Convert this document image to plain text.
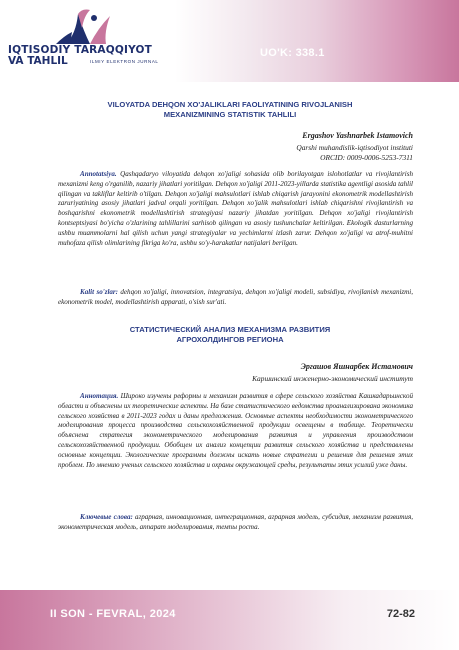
IQTISODIY TARAQQIYOT
VA TAHLIL	ILMIY ELEKTRON JURNAL
UO'K: 338.1
VILOYATDA DEHQON XO'JALIKLARI FAOLIYATINING RIVOJLANISH
MEXANIZMINING STATISTIK TAHLILI
Ergashov Yashnarbek Istamovich
Qarshi muhandislik-iqtisodiyot instituti
ORCID: 0009-0006-5253-7311

Annotatsiya. Qashqadaryo viloyatida dehqon xo'jaligi sohasida olib borilayotgan islohotlatlar va rivojlantirish mexanizmi keng o'rganilib, nazariy jihatlari yoritilgan. Dehqon xo'jaligi 2011-2023-yillarda statistika agentligi asosida tahlil qilingan va takliflar keltirib o'tilgan. Dehqon xo'jaligi mahsulotlari ishlab chiqarish jarayonini ekonometrik modellashtirish zaruriyatining asosiy jihatlari jadval orqali yoritilgan. Dehqon xo'jalik mahsulotlari ishlab chiqarishni rivojlantirish va boshqarishni ekonometrik modellashtirish strategiyasi nazariy jihatdan yoritilgan. Dehqon xo'jaligi rivojlantirish kontseptsiyasi bo'yicha o'zlarining tahlillarini sarhisob qilingan va asosiy tushunchalar keltirilgan. Ekologik dasturlarning ushbu muammolarni hal qilish uchun yangi strategiyalar va yechimlarni izlash zarur. Dehqon xo'jaligi va atrof-muhitni muhofaza qilish olimlarining fikriga ko'ra, ushbu so'y-harakatlar natijalari berilgan.

Kalit so'zlar: dehqon xo'jaligi, innovatsion, integratsiya, dehqon xo'jaligi modeli, subsidiya, rivojlanish mexanizmi, ekonometrik model, modellashtirish apparati, o'sish sur'ati.

СТАТИСТИЧЕСКИЙ АНАЛИЗ МЕХАНИЗМА РАЗВИТИЯ
АГРОХОЛДИНГОВ РЕГИОНА
Эргашов Яшнарбек Истамович
Каршинский инженерно-экономический институт

Аннотация. Широко изучены реформы и механизм развития в сфере сельского хозяйства Кашкадарьинской области и объяснены их теоретические аспекты. На базе статистического ведомства проанализирована экономика сельского хозяйства в 2011-2023 годах и даны предложения. Основные аспекты необходимости эконометрического моделирования процесса производства сельскохозяйственной продукции освещены в таблице. Теоретически объяснена стратегия эконометрического моделирования развития и управления производством сельскохозяйственной продукции. Обобщен их анализ концепции развития сельского хозяйства и представлены основные концепции. Экологические программы должны искать новые стратегии и решения для решения этих проблем. По мнению ученых сельского хозяйства и охраны окружающей среды, результаты этих усилий уже даны.

Ключевые слова: аграрная, инновационная, интеграционная, аграрная модель, субсидия, механизм развития, эконометрическая модель, аппарат моделирования, темпы роста.

II SON - FEVRAL, 2024	72-82
